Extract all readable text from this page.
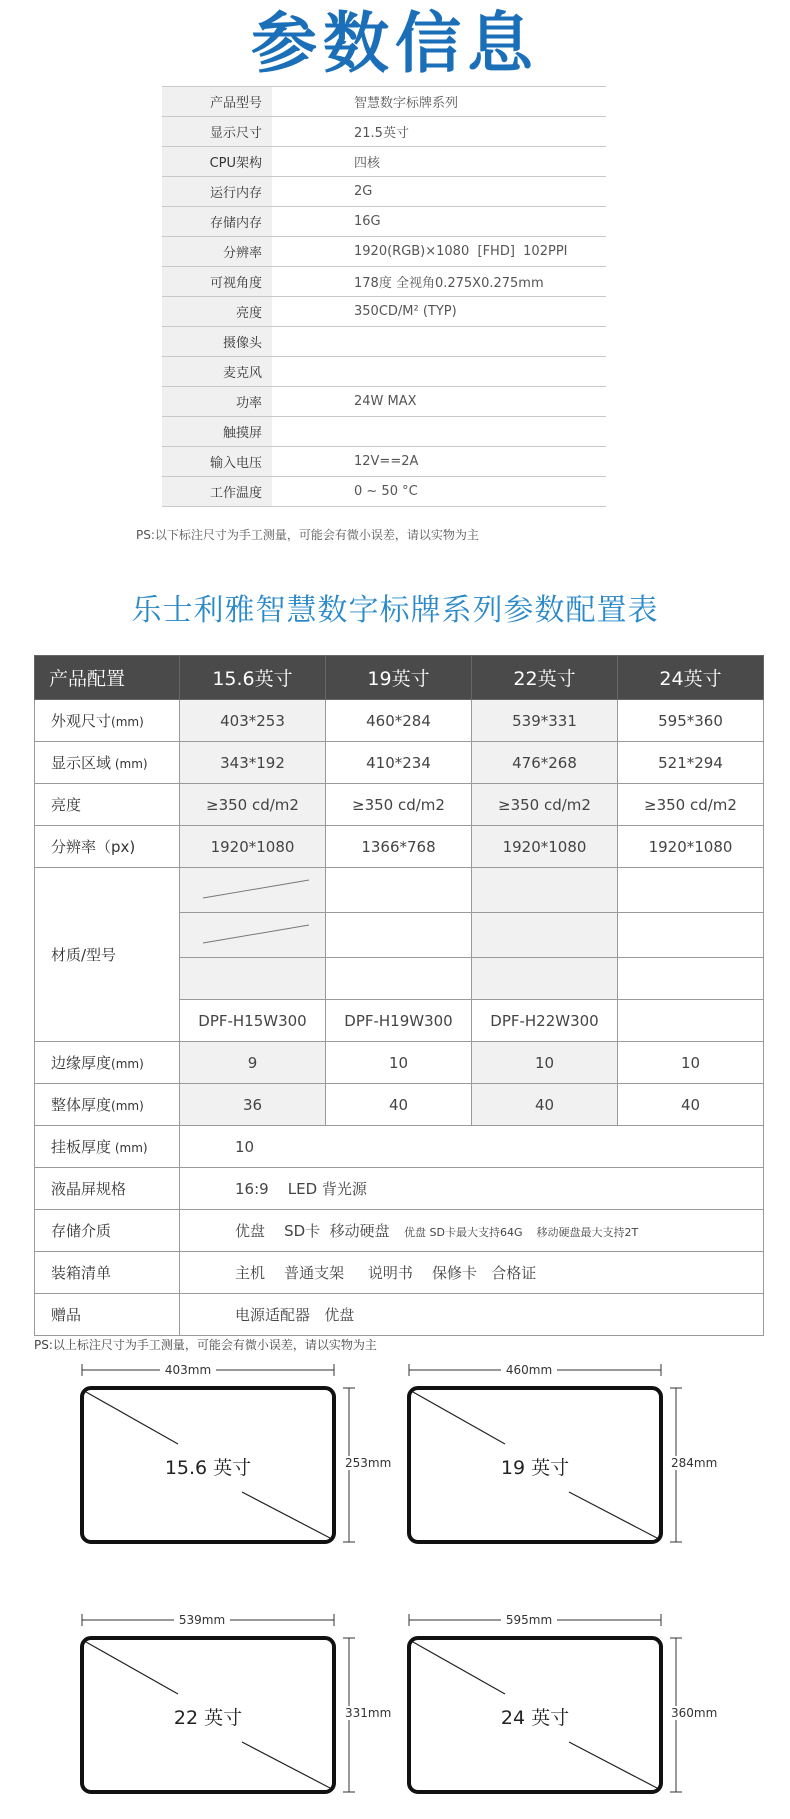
参数信息
产品型号	智慧数字标牌系列
显示尺寸	21.5英寸
CPU架构	四核
运行内存	2G
存储内存	16G
分辨率	1920(RGB)×1080  [FHD]  102PPI
可视角度	178度 全视角0.275X0.275mm
亮度	350CD/M² (TYP)
摄像头	
麦克风	
功率	24W MAX
触摸屏	
输入电压	12V==2A
工作温度	0 ~ 50 °C
PS:以下标注尺寸为手工测量，可能会有微小误差，请以实物为主
乐士利雅智慧数字标牌系列参数配置表
产品配置	15.6英寸	19英寸	22英寸	24英寸
外观尺寸(mm)	403*253	460*284	539*331	595*360
显示区域 (mm)	343*192	410*234	476*268	521*294
亮度	≥350 cd/m2	≥350 cd/m2	≥350 cd/m2	≥350 cd/m2
分辨率（px)	1920*1080	1366*768	1920*1080	1920*1080
材质/型号				

	DPF-H15W300	DPF-H19W300	DPF-H22W300	
边缘厚度(mm)	9	10	10	10
整体厚度(mm)	36	40	40	40
挂板厚度 (mm)	10			
液晶屏规格	16:9    LED 背光源			
存储介质	优盘    SD卡  移动硬盘 优盘 SD卡最大支持64G    移动硬盘最大支持2T			
装箱清单	主机    普通支架     说明书    保修卡   合格证			
赠品	电源适配器   优盘			
PS:以上标注尺寸为手工测量，可能会有微小误差，请以实物为主
403mm
15.6 英寸	253mm
460mm
19 英寸	284mm
539mm
22 英寸	331mm
595mm
24 英寸	360mm
